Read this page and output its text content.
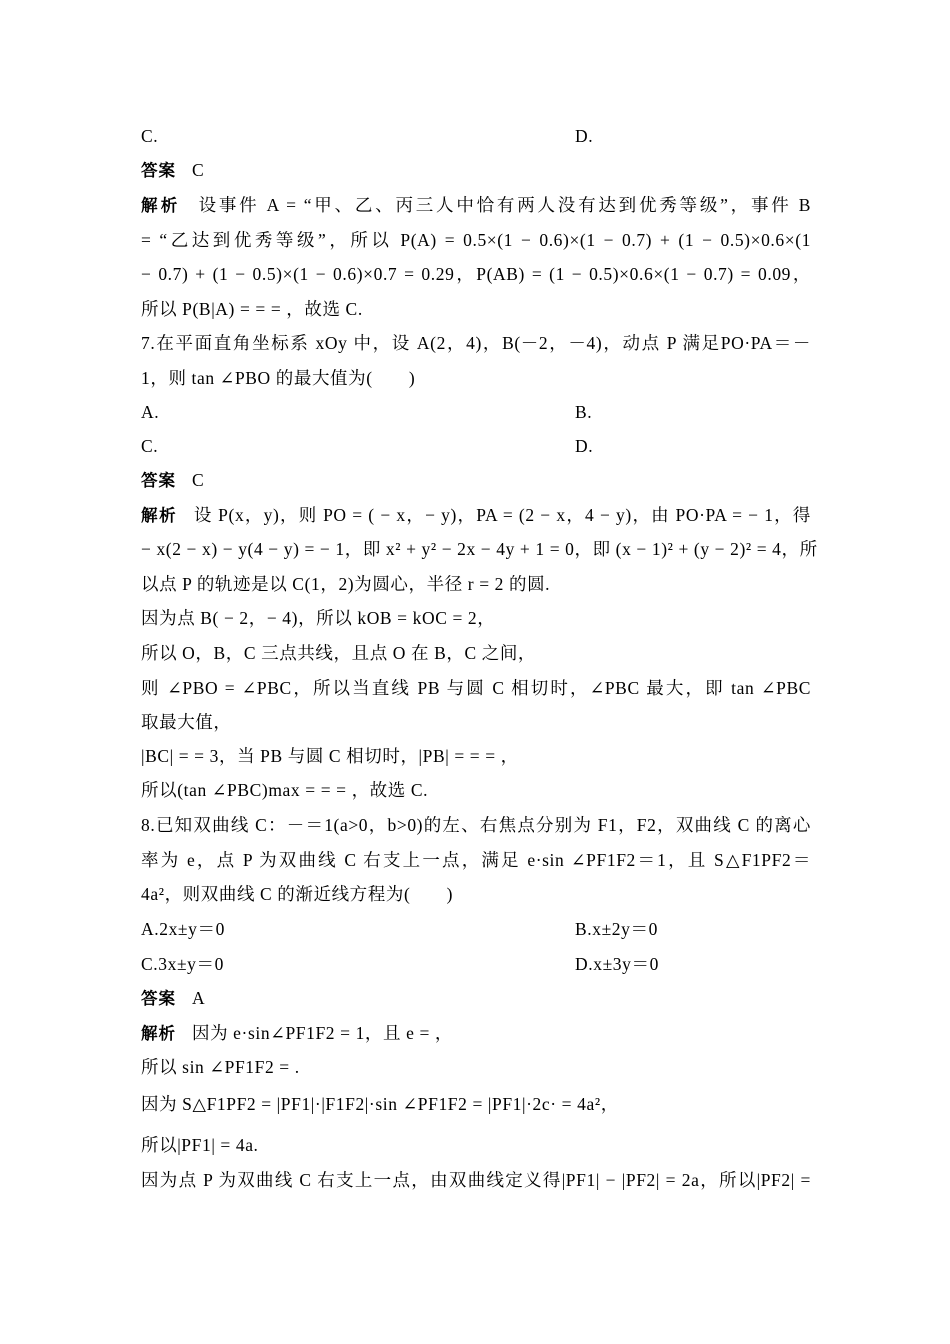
C.	D.
答案 C
解析 设事件 A = “甲、乙、丙三人中恰有两人没有达到优秀等级”，事件 B
= “乙达到优秀等级”，所以 P(A) = 0.5×(1 − 0.6)×(1 − 0.7) + (1 − 0.5)×0.6×(1
− 0.7) + (1 − 0.5)×(1 − 0.6)×0.7 = 0.29，P(AB) = (1 − 0.5)×0.6×(1 − 0.7) = 0.09，
所以 P(B|A) = = = ，故选 C.
7.在平面直角坐标系 xOy 中，设 A(2，4)，B(－2，－4)，动点 P 满足PO·PA＝－
1，则 tan ∠PBO 的最大值为(　　)
A.	B.
C.	D.
答案 C
解析 设 P(x，y)，则 PO = ( − x，− y)，PA = (2 − x，4 − y)，由 PO·PA = − 1，得
− x(2 − x) − y(4 − y) = − 1，即 x² + y² − 2x − 4y + 1 = 0，即 (x − 1)² + (y − 2)² = 4，所
以点 P 的轨迹是以 C(1，2)为圆心，半径 r = 2 的圆.
因为点 B( − 2，− 4)，所以 kOB = kOC = 2，
所以 O，B，C 三点共线，且点 O 在 B，C 之间，
则 ∠PBO = ∠PBC，所以当直线 PB 与圆 C 相切时，∠PBC 最大，即 tan ∠PBC
取最大值，
|BC| = = 3，当 PB 与圆 C 相切时，|PB| = = = ，
所以(tan ∠PBC)max = = = ，故选 C.
8.已知双曲线 C：－＝1(a>0，b>0)的左、右焦点分别为 F1，F2，双曲线 C 的离心
率为 e，点 P 为双曲线 C 右支上一点，满足 e·sin ∠PF1F2＝1，且 S△F1PF2＝
4a²，则双曲线 C 的渐近线方程为(　　)
A.2x±y＝0	B.x±2y＝0
C.3x±y＝0	D.x±3y＝0
答案 A
解析 因为 e·sin∠PF1F2 = 1，且 e = ，
所以 sin ∠PF1F2 = .
因为 S△F1PF2 = |PF1|·|F1F2|·sin ∠PF1F2 = |PF1|·2c· = 4a²，
所以|PF1| = 4a.
因为点 P 为双曲线 C 右支上一点，由双曲线定义得|PF1| − |PF2| = 2a，所以|PF2| =
